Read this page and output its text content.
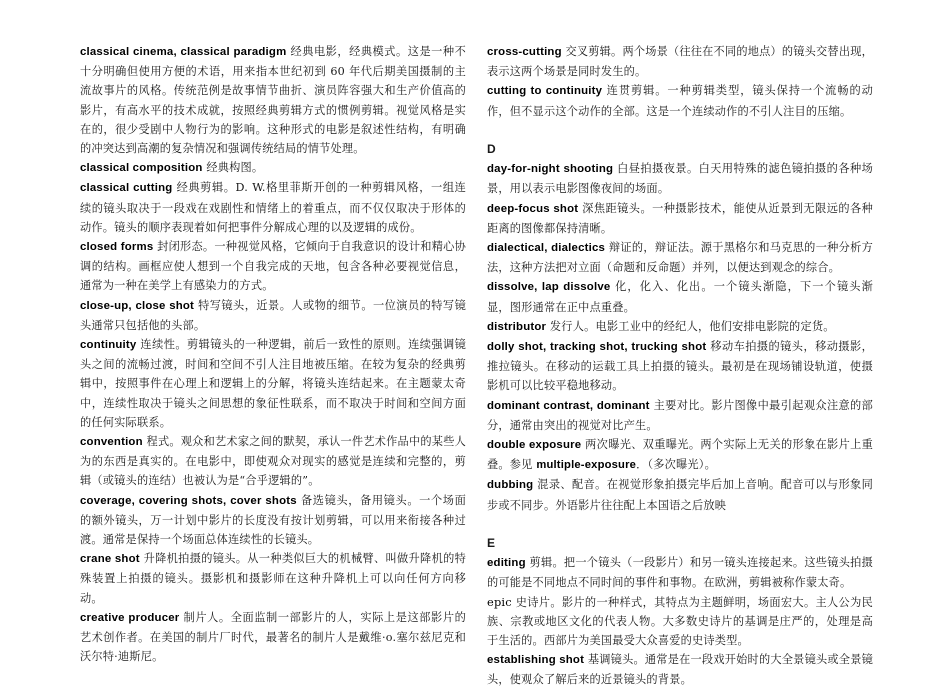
classical cinema, classical paradigm 经典电影，经典模式。这是一种不十分明确但使用方便的术语，用来指本世纪初到 60 年代后期美国摄制的主流故事片的风格。传统范例是故事情节曲折、演员阵容强大和生产价值高的影片，有高水平的技术成就，按照经典剪辑方式的惯例剪辑。视觉风格是实在的，很少受剧中人物行为的影响。这种形式的电影是叙述性结构，有明确的冲突达到高潮的复杂情况和强调传统结局的情节处理。

classical composition 经典构图。

classical cutting 经典剪辑。D. W.格里菲斯开创的一种剪辑风格，一组连续的镜头取决于一段戏在戏剧性和情绪上的着重点，而不仅仅取决于形体的动作。镜头的顺序表现着如何把事件分解成心理的以及逻辑的成份。

closed forms 封闭形态。一种视觉风格，它倾向于自我意识的设计和精心协调的结构。画框应使人想到一个自我完成的天地，包含各种必要视觉信息，通常为一种在美学上有感染力的方式。

close-up, close shot 特写镜头，近景。人或物的细节。一位演员的特写镜头通常只包括他的头部。

continuity 连续性。剪辑镜头的一种逻辑，前后一致性的原则。连续强调镜头之间的流畅过渡，时间和空间不引人注目地被压缩。在较为复杂的经典剪辑中，按照事件在心理上和逻辑上的分解，将镜头连结起来。在主题蒙太奇中，连续性取决于镜头之间思想的象征性联系，而不取决于时间和空间方面的任何实际联系。

convention 程式。观众和艺术家之间的默契，承认一件艺术作品中的某些人为的东西是真实的。在电影中，即使观众对现实的感觉是连续和完整的，剪辑（或镜头的连结）也被认为是“合乎逻辑的”。

coverage, covering shots, cover shots 备选镜头，备用镜头。一个场面的额外镜头，万一计划中影片的长度没有按计划剪辑，可以用来衔接各种过渡。通常是保持一个场面总体连续性的长镜头。

crane shot 升降机拍摄的镜头。从一种类似巨大的机械臂、叫做升降机的特殊装置上拍摄的镜头。摄影机和摄影师在这种升降机上可以向任何方向移动。

creative producer 制片人。全面监制一部影片的人，实际上是这部影片的艺术创作者。在美国的制片厂时代，最著名的制片人是戴维·o.塞尔兹尼克和沃尔特·迪斯尼。

cross-cutting 交叉剪辑。两个场景（往往在不同的地点）的镜头交替出现，表示这两个场景是同时发生的。

cutting to continuity 连贯剪辑。一种剪辑类型，镜头保持一个流畅的动作，但不显示这个动作的全部。这是一个连续动作的不引人注目的压缩。

D

day-for-night shooting 白昼拍摄夜景。白天用特殊的滤色镜拍摄的各种场景，用以表示电影图像夜间的场面。

deep-focus shot 深焦距镜头。一种摄影技术，能使从近景到无限远的各种距离的图像都保持清晰。

dialectical, dialectics 辩证的，辩证法。源于黑格尔和马克思的一种分析方法，这种方法把对立面（命题和反命题）并列，以便达到观念的综合。

dissolve, lap dissolve 化，化入、化出。一个镜头渐隐，下一个镜头渐显，图形通常在正中点重叠。

distributor 发行人。电影工业中的经纪人，他们安排电影院的定货。

dolly shot, tracking shot, trucking shot 移动车拍摄的镜头，移动摄影，推拉镜头。在移动的运载工具上拍摄的镜头。最初是在现场铺设轨道，使摄影机可以比较平稳地移动。

dominant contrast, dominant 主要对比。影片图像中最引起观众注意的部分，通常由突出的视觉对比产生。

double exposure 两次曝光、双重曝光。两个实际上无关的形象在影片上重叠。参见 multiple-exposure．（多次曝光）。

dubbing 混录、配音。在视觉形象拍摄完毕后加上音响。配音可以与形象同步或不同步。外语影片往往配上本国语之后放映

E

editing 剪辑。把一个镜头（一段影片）和另一镜头连接起来。这些镜头拍摄的可能是不同地点不同时间的事件和事物。在欧洲，剪辑被称作蒙太奇。

epic 史诗片。影片的一种样式，其特点为主题鲜明，场面宏大。主人公为民族、宗教或地区文化的代表人物。大多数史诗片的基调是庄严的，处理是高于生活的。西部片为美国最受大众喜爱的史诗类型。

establishing shot 基调镜头。通常是在一段戏开始时的大全景镜头或全景镜头，使观众了解后来的近景镜头的背景。
